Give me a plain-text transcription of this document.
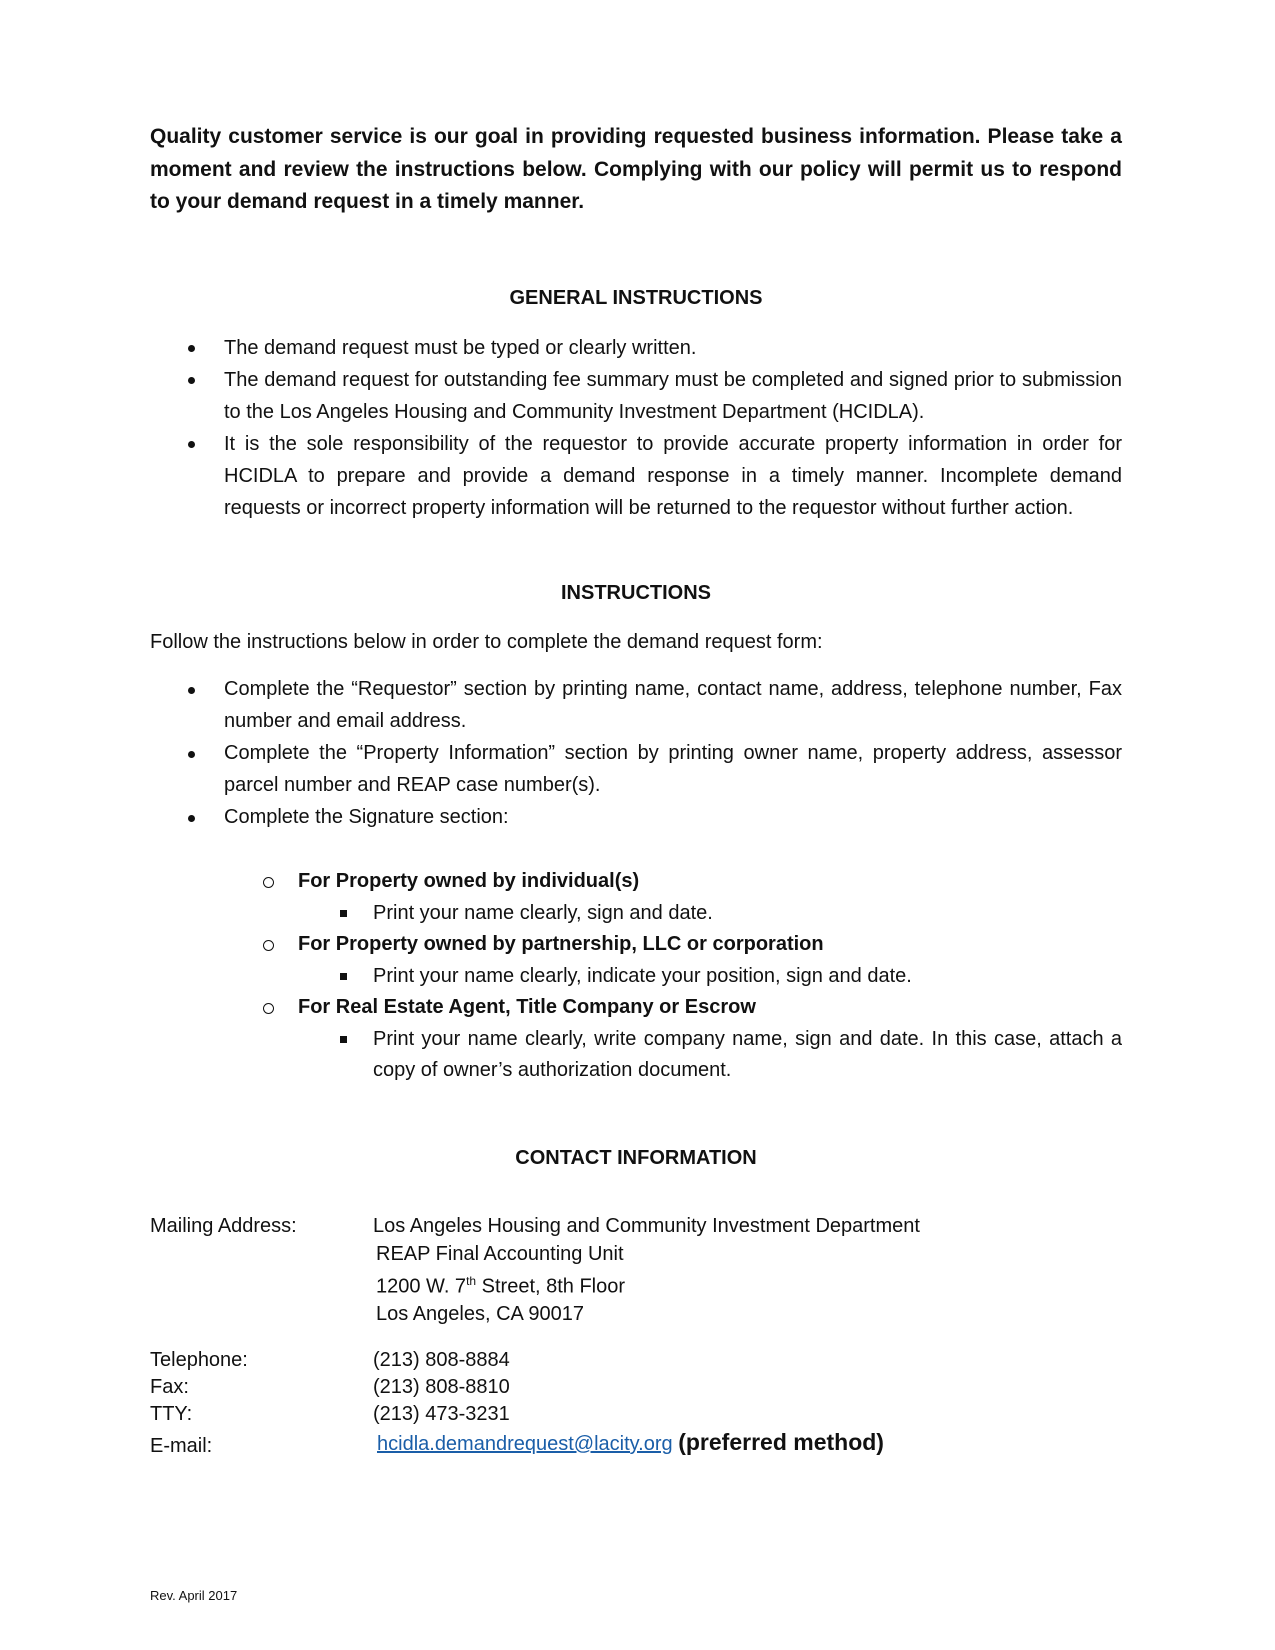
Quality customer service is our goal in providing requested business information. Please take a moment and review the instructions below. Complying with our policy will permit us to respond to your demand request in a timely manner.
GENERAL INSTRUCTIONS
The demand request must be typed or clearly written.
The demand request for outstanding fee summary must be completed and signed prior to submission to the Los Angeles Housing and Community Investment Department (HCIDLA).
It is the sole responsibility of the requestor to provide accurate property information in order for HCIDLA to prepare and provide a demand response in a timely manner. Incomplete demand requests or incorrect property information will be returned to the requestor without further action.
INSTRUCTIONS
Follow the instructions below in order to complete the demand request form:
Complete the “Requestor” section by printing name, contact name, address, telephone number, Fax number and email address.
Complete the “Property Information” section by printing owner name, property address, assessor parcel number and REAP case number(s).
Complete the Signature section:
For Property owned by individual(s)
Print your name clearly, sign and date.
For Property owned by partnership, LLC or corporation
Print your name clearly, indicate your position, sign and date.
For Real Estate Agent, Title Company or Escrow
Print your name clearly, write company name, sign and date. In this case, attach a copy of owner’s authorization document.
CONTACT INFORMATION
Mailing Address:	Los Angeles Housing and Community Investment Department
REAP Final Accounting Unit
1200 W. 7th Street, 8th Floor
Los Angeles, CA 90017
Telephone:	(213) 808-8884
Fax:	(213) 808-8810
TTY:	(213) 473-3231
E-mail:	hcidla.demandrequest@lacity.org (preferred method)
Rev. April 2017
